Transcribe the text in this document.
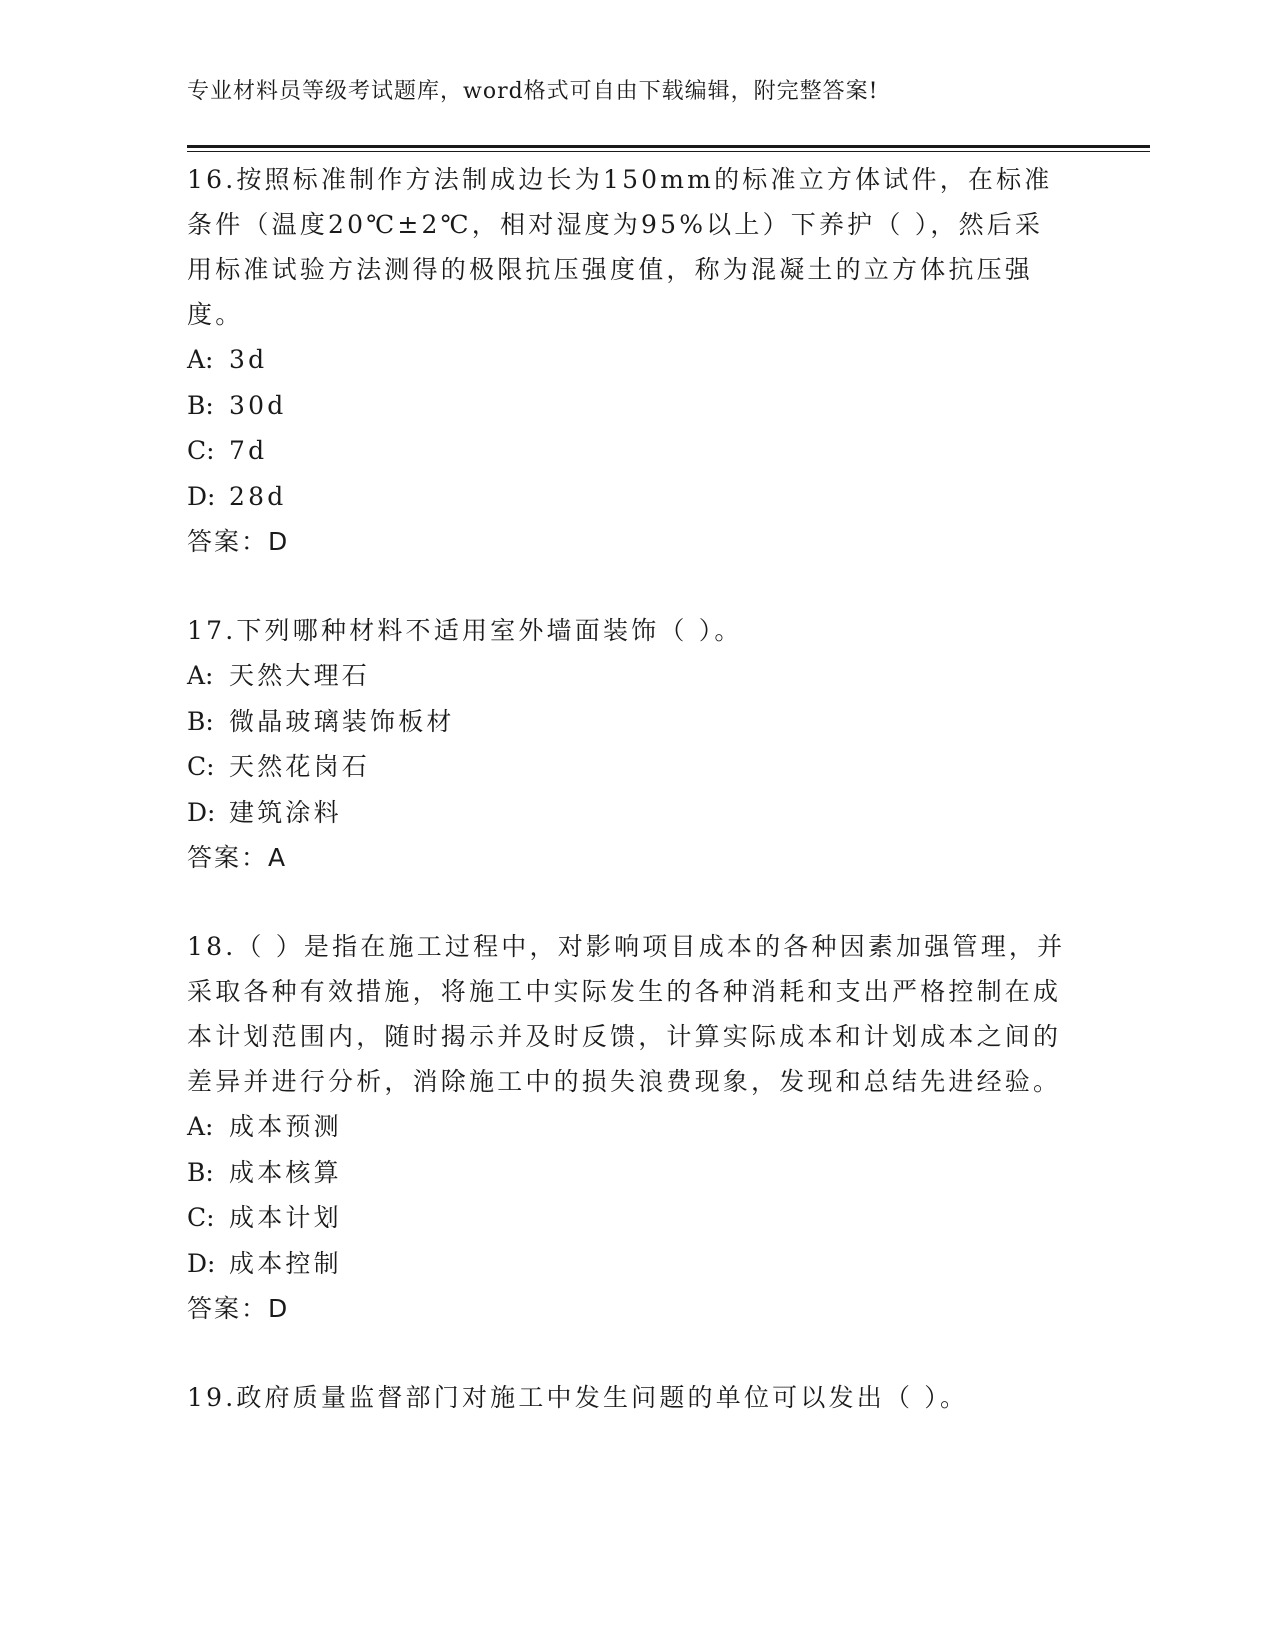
专业材料员等级考试题库，word格式可自由下载编辑，附完整答案!

16.按照标准制作方法制成边长为150mm的标准立方体试件，在标准条件（温度20℃±2℃，相对湿度为95%以上）下养护（ ），然后采用标准试验方法测得的极限抗压强度值，称为混凝土的立方体抗压强度。

A: 3d

B: 30d

C: 7d

D: 28d

答案：D

17.下列哪种材料不适用室外墙面装饰（ ）。

A: 天然大理石

B: 微晶玻璃装饰板材

C: 天然花岗石

D: 建筑涂料

答案：A

18.（ ）是指在施工过程中，对影响项目成本的各种因素加强管理，并采取各种有效措施，将施工中实际发生的各种消耗和支出严格控制在成本计划范围内，随时揭示并及时反馈，计算实际成本和计划成本之间的差异并进行分析，消除施工中的损失浪费现象，发现和总结先进经验。

A: 成本预测

B: 成本核算

C: 成本计划

D: 成本控制

答案：D

19.政府质量监督部门对施工中发生问题的单位可以发出（ ）。
